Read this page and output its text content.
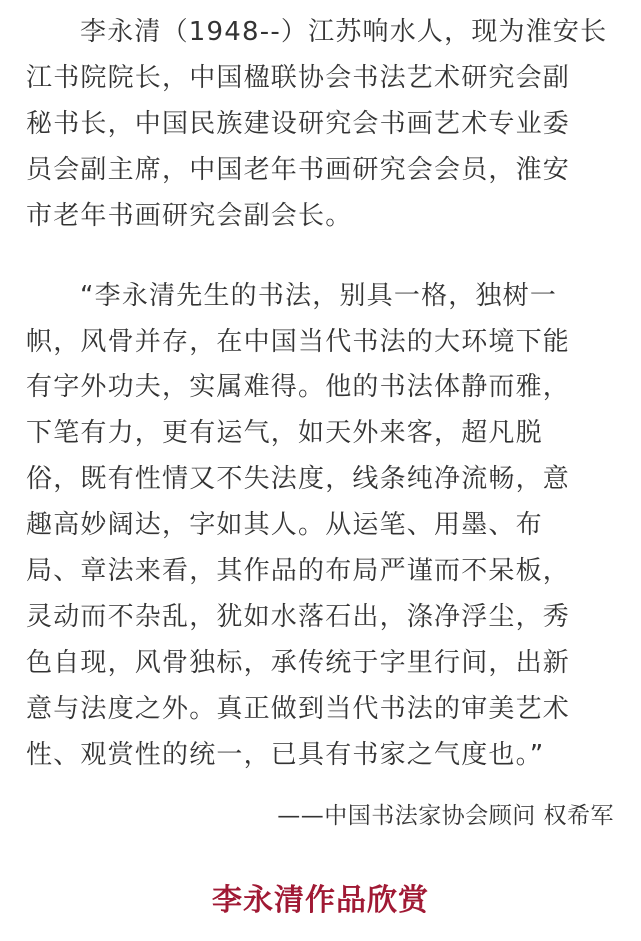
李永清（1948--）江苏响水人，现为淮安长
江书院院长，中国楹联协会书法艺术研究会副
秘书长，中国民族建设研究会书画艺术专业委
员会副主席，中国老年书画研究会会员，淮安
市老年书画研究会副会长。
“李永清先生的书法，别具一格，独树一
帜，风骨并存，在中国当代书法的大环境下能
有字外功夫，实属难得。他的书法体静而雅，
下笔有力，更有运气，如天外来客，超凡脱
俗，既有性情又不失法度，线条纯净流畅，意
趣高妙阔达，字如其人。从运笔、用墨、布
局、章法来看，其作品的布局严谨而不呆板，
灵动而不杂乱，犹如水落石出，涤净浮尘，秀
色自现，风骨独标，承传统于字里行间，出新
意与法度之外。真正做到当代书法的审美艺术
性、观赏性的统一，已具有书家之气度也。”
——中国书法家协会顾问 权希军
李永清作品欣赏
